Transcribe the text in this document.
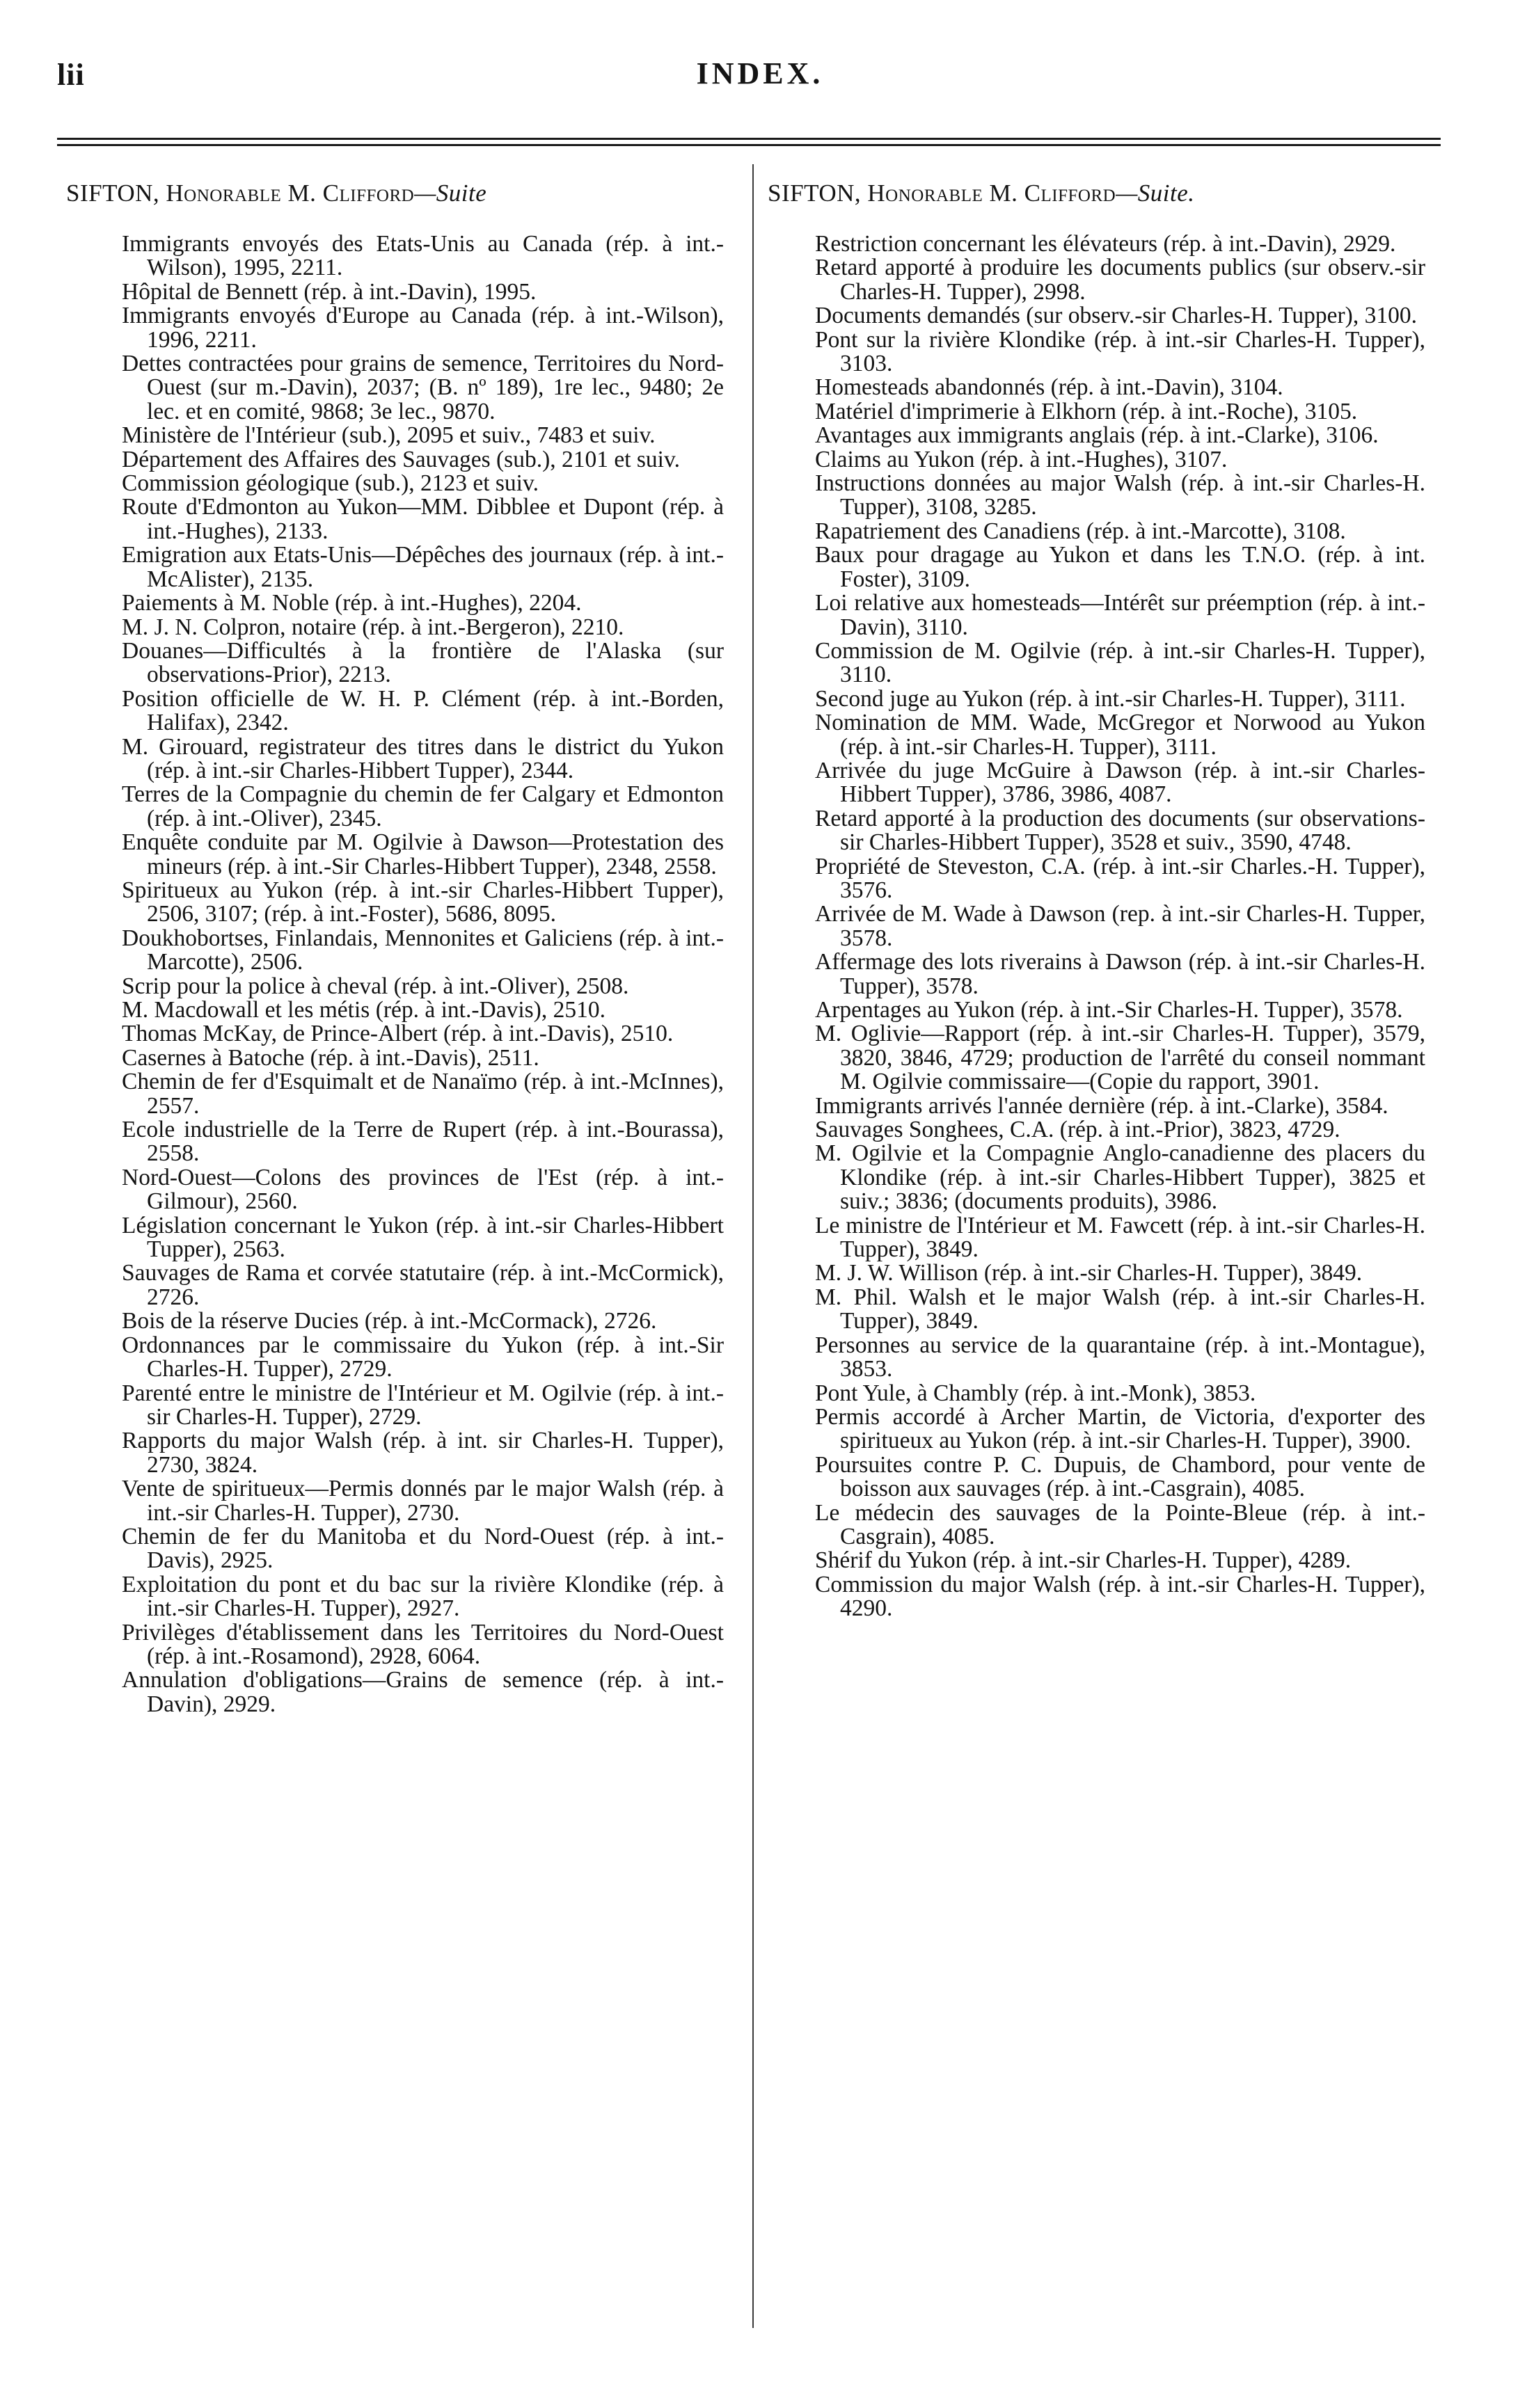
lii	INDEX.
SIFTON, Honorable M. Clifford—Suite
Immigrants envoyés des Etats-Unis au Canada (rép. à int.-Wilson), 1995, 2211.
Hôpital de Bennett (rép. à int.-Davin), 1995.
Immigrants envoyés d'Europe au Canada (rép. à int.-Wilson), 1996, 2211.
Dettes contractées pour grains de semence, Territoires du Nord-Ouest (sur m.-Davin), 2037; (B. nº 189), 1re lec., 9480; 2e lec. et en comité, 9868; 3e lec., 9870.
Ministère de l'Intérieur (sub.), 2095 et suiv., 7483 et suiv.
Département des Affaires des Sauvages (sub.), 2101 et suiv.
Commission géologique (sub.), 2123 et suiv.
Route d'Edmonton au Yukon—MM. Dibblee et Dupont (rép. à int.-Hughes), 2133.
Emigration aux Etats-Unis—Dépêches des journaux (rép. à int.-McAlister), 2135.
Paiements à M. Noble (rép. à int.-Hughes), 2204.
M. J. N. Colpron, notaire (rép. à int.-Bergeron), 2210.
Douanes—Difficultés à la frontière de l'Alaska (sur observations-Prior), 2213.
Position officielle de W. H. P. Clément (rép. à int.-Borden, Halifax), 2342.
M. Girouard, registrateur des titres dans le district du Yukon (rép. à int.-sir Charles-Hibbert Tupper), 2344.
Terres de la Compagnie du chemin de fer Calgary et Edmonton (rép. à int.-Oliver), 2345.
Enquête conduite par M. Ogilvie à Dawson—Protestation des mineurs (rép. à int.-Sir Charles-Hibbert Tupper), 2348, 2558.
Spiritueux au Yukon (rép. à int.-sir Charles-Hibbert Tupper), 2506, 3107; (rép. à int.-Foster), 5686, 8095.
Doukhobortses, Finlandais, Mennonites et Galiciens (rép. à int.-Marcotte), 2506.
Scrip pour la police à cheval (rép. à int.-Oliver), 2508.
M. Macdowall et les métis (rép. à int.-Davis), 2510.
Thomas McKay, de Prince-Albert (rép. à int.-Davis), 2510.
Casernes à Batoche (rép. à int.-Davis), 2511.
Chemin de fer d'Esquimalt et de Nanaïmo (rép. à int.-McInnes), 2557.
Ecole industrielle de la Terre de Rupert (rép. à int.-Bourassa), 2558.
Nord-Ouest—Colons des provinces de l'Est (rép. à int.-Gilmour), 2560.
Législation concernant le Yukon (rép. à int.-sir Charles-Hibbert Tupper), 2563.
Sauvages de Rama et corvée statutaire (rép. à int.-McCormick), 2726.
Bois de la réserve Ducies (rép. à int.-McCormack), 2726.
Ordonnances par le commissaire du Yukon (rép. à int.-Sir Charles-H. Tupper), 2729.
Parenté entre le ministre de l'Intérieur et M. Ogilvie (rép. à int.-sir Charles-H. Tupper), 2729.
Rapports du major Walsh (rép. à int. sir Charles-H. Tupper), 2730, 3824.
Vente de spiritueux—Permis donnés par le major Walsh (rép. à int.-sir Charles-H. Tupper), 2730.
Chemin de fer du Manitoba et du Nord-Ouest (rép. à int.-Davis), 2925.
Exploitation du pont et du bac sur la rivière Klondike (rép. à int.-sir Charles-H. Tupper), 2927.
Privilèges d'établissement dans les Territoires du Nord-Ouest (rép. à int.-Rosamond), 2928, 6064.
Annulation d'obligations—Grains de semence (rép. à int.-Davin), 2929.
SIFTON, Honorable M. Clifford—Suite.
Restriction concernant les élévateurs (rép. à int.-Davin), 2929.
Retard apporté à produire les documents publics (sur observ.-sir Charles-H. Tupper), 2998.
Documents demandés (sur observ.-sir Charles-H. Tupper), 3100.
Pont sur la rivière Klondike (rép. à int.-sir Charles-H. Tupper), 3103.
Homesteads abandonnés (rép. à int.-Davin), 3104.
Matériel d'imprimerie à Elkhorn (rép. à int.-Roche), 3105.
Avantages aux immigrants anglais (rép. à int.-Clarke), 3106.
Claims au Yukon (rép. à int.-Hughes), 3107.
Instructions données au major Walsh (rép. à int.-sir Charles-H. Tupper), 3108, 3285.
Rapatriement des Canadiens (rép. à int.-Marcotte), 3108.
Baux pour dragage au Yukon et dans les T.N.O. (rép. à int. Foster), 3109.
Loi relative aux homesteads—Intérêt sur préemption (rép. à int.-Davin), 3110.
Commission de M. Ogilvie (rép. à int.-sir Charles-H. Tupper), 3110.
Second juge au Yukon (rép. à int.-sir Charles-H. Tupper), 3111.
Nomination de MM. Wade, McGregor et Norwood au Yukon (rép. à int.-sir Charles-H. Tupper), 3111.
Arrivée du juge McGuire à Dawson (rép. à int.-sir Charles-Hibbert Tupper), 3786, 3986, 4087.
Retard apporté à la production des documents (sur observations-sir Charles-Hibbert Tupper), 3528 et suiv., 3590, 4748.
Propriété de Steveston, C.A. (rép. à int.-sir Charles.-H. Tupper), 3576.
Arrivée de M. Wade à Dawson (rep. à int.-sir Charles-H. Tupper, 3578.
Affermage des lots riverains à Dawson (rép. à int.-sir Charles-H. Tupper), 3578.
Arpentages au Yukon (rép. à int.-Sir Charles-H. Tupper), 3578.
M. Oglivie—Rapport (rép. à int.-sir Charles-H. Tupper), 3579, 3820, 3846, 4729; production de l'arrêté du conseil nommant M. Ogilvie commissaire—(Copie du rapport, 3901.
Immigrants arrivés l'année dernière (rép. à int.-Clarke), 3584.
Sauvages Songhees, C.A. (rép. à int.-Prior), 3823, 4729.
M. Ogilvie et la Compagnie Anglo-canadienne des placers du Klondike (rép. à int.-sir Charles-Hibbert Tupper), 3825 et suiv.; 3836; (documents produits), 3986.
Le ministre de l'Intérieur et M. Fawcett (rép. à int.-sir Charles-H. Tupper), 3849.
M. J. W. Willison (rép. à int.-sir Charles-H. Tupper), 3849.
M. Phil. Walsh et le major Walsh (rép. à int.-sir Charles-H. Tupper), 3849.
Personnes au service de la quarantaine (rép. à int.-Montague), 3853.
Pont Yule, à Chambly (rép. à int.-Monk), 3853.
Permis accordé à Archer Martin, de Victoria, d'exporter des spiritueux au Yukon (rép. à int.-sir Charles-H. Tupper), 3900.
Poursuites contre P. C. Dupuis, de Chambord, pour vente de boisson aux sauvages (rép. à int.-Casgrain), 4085.
Le médecin des sauvages de la Pointe-Bleue (rép. à int.-Casgrain), 4085.
Shérif du Yukon (rép. à int.-sir Charles-H. Tupper), 4289.
Commission du major Walsh (rép. à int.-sir Charles-H. Tupper), 4290.
